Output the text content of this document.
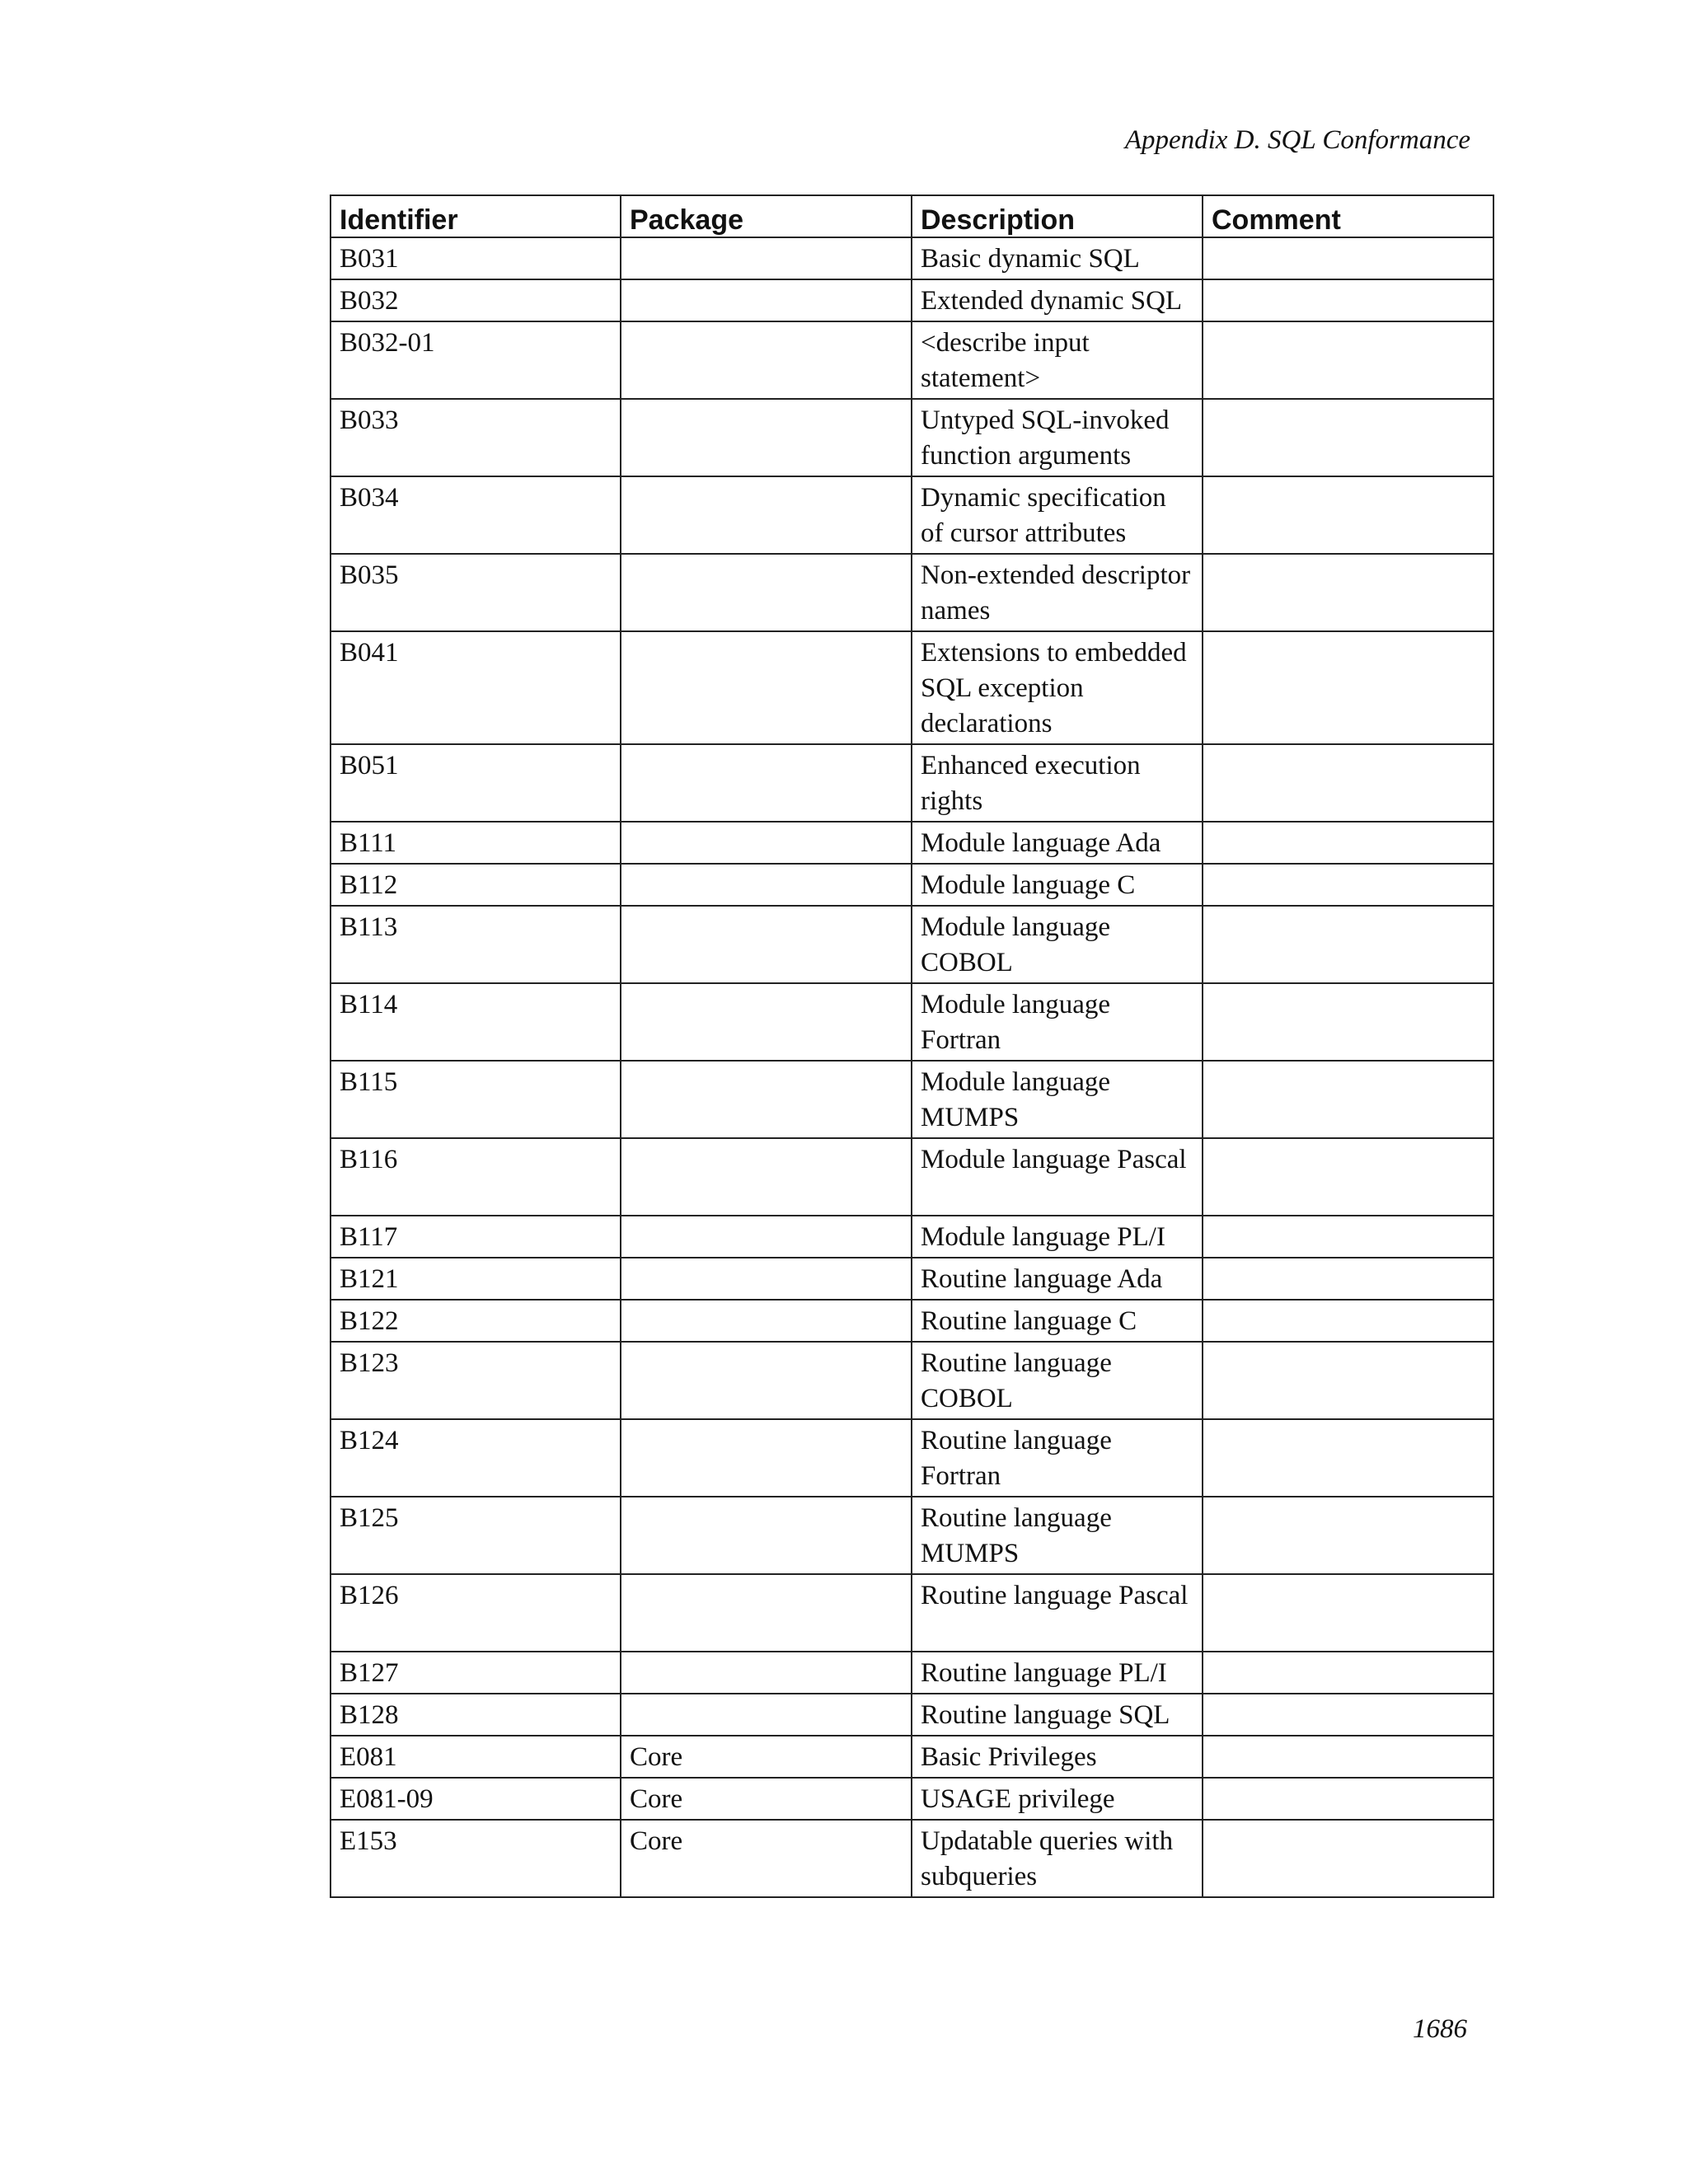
Appendix D. SQL Conformance
Identifier	Package	Description	Comment
B031		Basic dynamic SQL	
B032		Extended dynamic SQL	
B032-01		<describe input statement>	
B033		Untyped SQL-invoked function arguments	
B034		Dynamic specification of cursor attributes	
B035		Non-extended descriptor names	
B041		Extensions to embedded SQL exception declarations	
B051		Enhanced execution rights	
B111		Module language Ada	
B112		Module language C	
B113		Module language COBOL	
B114		Module language Fortran	
B115		Module language MUMPS	
B116		Module language Pascal	
B117		Module language PL/I	
B121		Routine language Ada	
B122		Routine language C	
B123		Routine language COBOL	
B124		Routine language Fortran	
B125		Routine language MUMPS	
B126		Routine language Pascal	
B127		Routine language PL/I	
B128		Routine language SQL	
E081	Core	Basic Privileges	
E081-09	Core	USAGE privilege	
E153	Core	Updatable queries with subqueries	
1686
